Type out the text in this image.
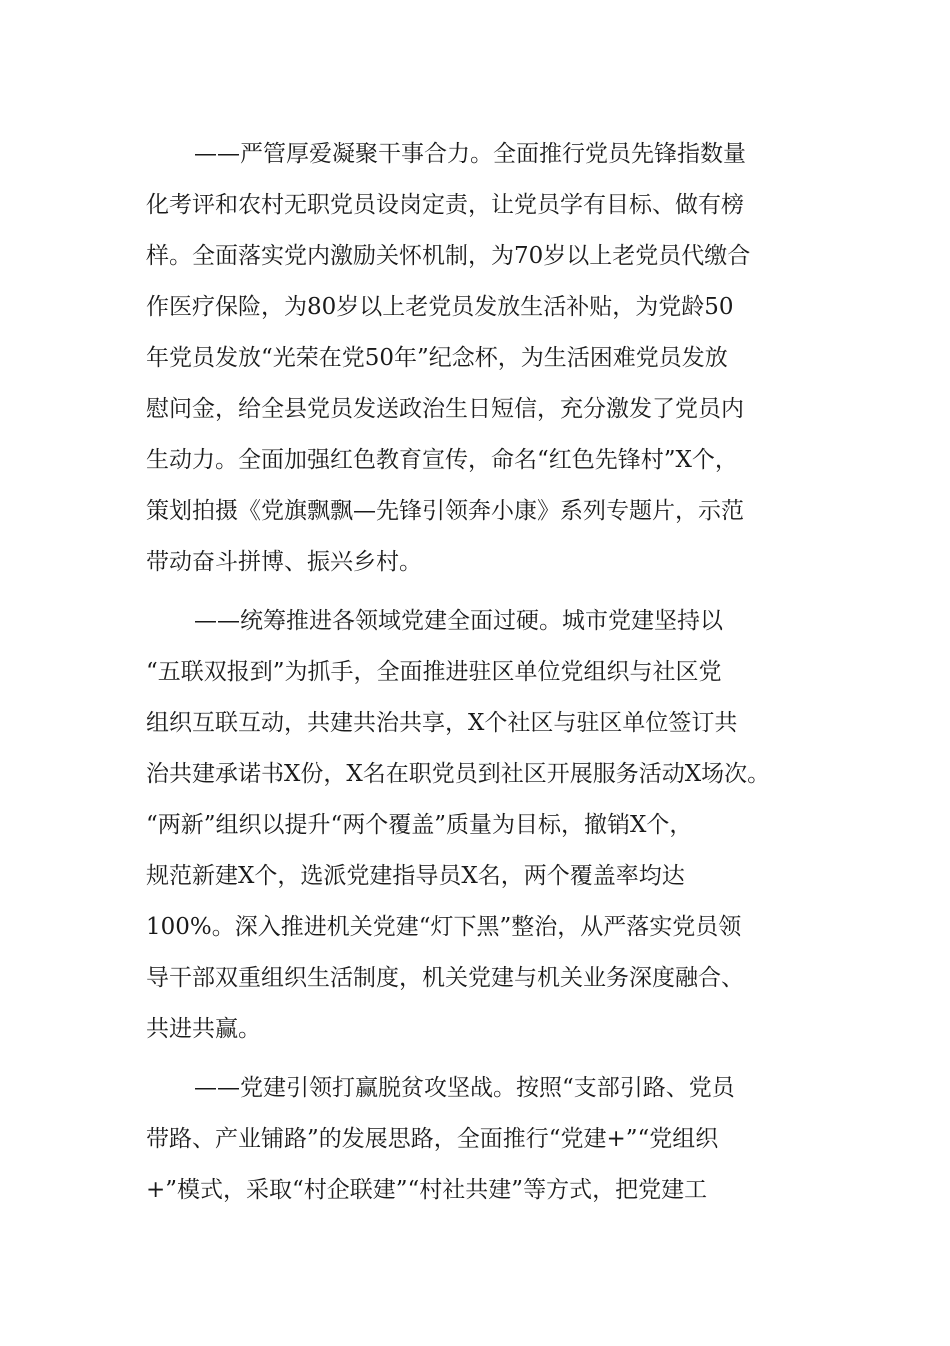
——严管厚爱凝聚干事合力。全面推行党员先锋指数量
化考评和农村无职党员设岗定责，让党员学有目标、做有榜
样。全面落实党内激励关怀机制，为70岁以上老党员代缴合
作医疗保险，为80岁以上老党员发放生活补贴，为党龄50
年党员发放“光荣在党50年”纪念杯，为生活困难党员发放
慰问金，给全县党员发送政治生日短信，充分激发了党员内
生动力。全面加强红色教育宣传，命名“红色先锋村”X个，
策划拍摄《党旗飘飘—先锋引领奔小康》系列专题片，示范
带动奋斗拼博、振兴乡村。
——统筹推进各领域党建全面过硬。城市党建坚持以
“五联双报到”为抓手，全面推进驻区单位党组织与社区党
组织互联互动，共建共治共享，X个社区与驻区单位签订共
治共建承诺书X份，X名在职党员到社区开展服务活动X场次。
“两新”组织以提升“两个覆盖”质量为目标，撤销X个，
规范新建X个，选派党建指导员X名，两个覆盖率均达
100%。深入推进机关党建“灯下黑”整治，从严落实党员领
导干部双重组织生活制度，机关党建与机关业务深度融合、
共进共赢。
——党建引领打赢脱贫攻坚战。按照“支部引路、党员
带路、产业铺路”的发展思路，全面推行“党建+”“党组织
+”模式，采取“村企联建”“村社共建”等方式，把党建工
